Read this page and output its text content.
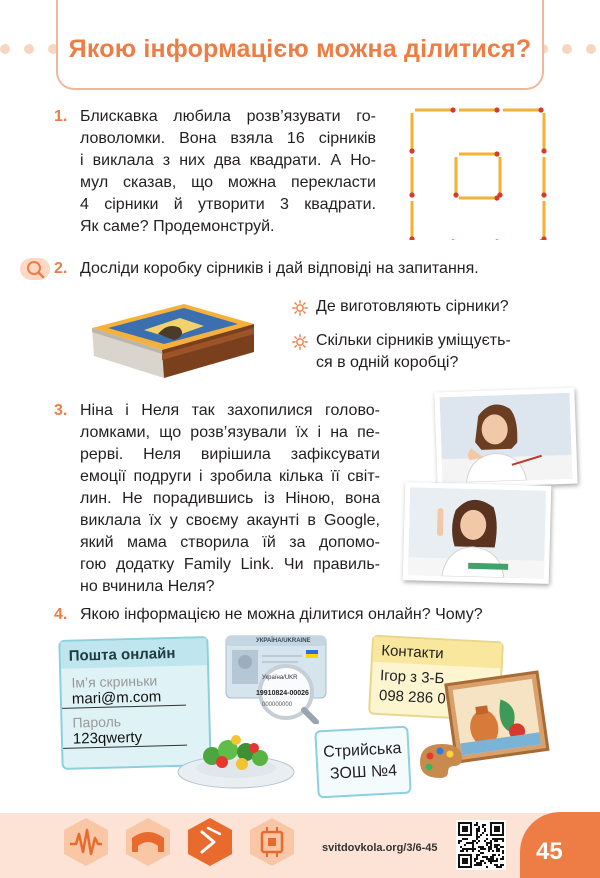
Якою інформацією можна ділитися?
1. Блискавка любила розв’язувати го-
ловоломки. Вона взяла 16 сірників
і виклала з них два квадрати. А Но-
мул сказав, що можна перекласти
4 сірники й утворити 3 квадрати.
Як саме? Продемонструй.
2. Досліди коробку сірників і дай відповіді на запитання.
Де виготовляють сірники?
Скільки сірників уміщуєть-
ся в одній коробці?
3. Ніна і Неля так захопилися голово-
ломками, що розв’язували їх і на пе-
рерві. Неля вирішила зафіксувати
емоції подруги і зробила кілька її світ-
лин. Не порадившись із Ніною, вона
виклала їх у своєму акаунті в Google,
який мама створила їй за допомо-
гою додатку Family Link. Чи правиль-
но вчинила Неля?
4. Якою інформацією не можна ділитися онлайн? Чому?
Пошта онлайн
Ім’я скриньки
mari@m.com
Пароль
123qwerty
УКРАЇНА/UKRAINE
Україна/UKR
19910824-00026
000000000
Контакти
Ігор з 3-Б
098 286 0
Стрийська
ЗОШ №4
svitdovkola.org/3/6-45	45
